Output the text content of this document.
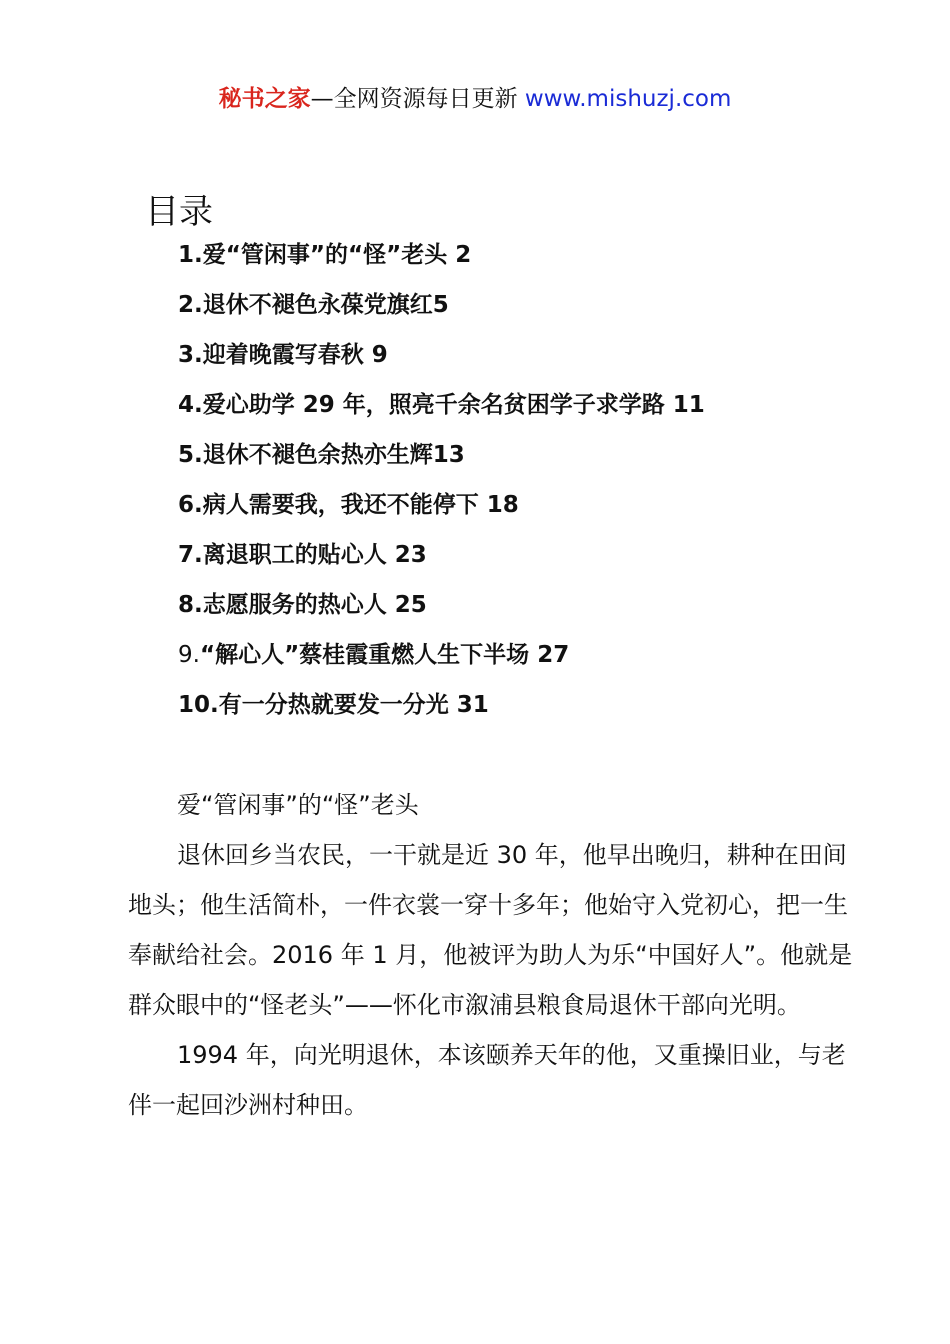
秘书之家—全网资源每日更新 www.mishuzj.com
目录
1.爱“管闲事”的“怪”老头 2
2.退休不褪色永葆党旗红5
3.迎着晚霞写春秋 9
4.爱心助学 29 年，照亮千余名贫困学子求学路 11
5.退休不褪色余热亦生辉13
6.病人需要我，我还不能停下 18
7.离退职工的贴心人 23
8.志愿服务的热心人 25
9.“解心人”蔡桂霞重燃人生下半场 27
10.有一分热就要发一分光 31
爱“管闲事”的“怪”老头

退休回乡当农民，一干就是近 30 年，他早出晚归，耕种在田间地头；他生活简朴，一件衣裳一穿十多年；他始守入党初心，把一生奉献给社会。2016 年 1 月，他被评为助人为乐“中国好人”。他就是群众眼中的“怪老头”——怀化市溆浦县粮食局退休干部向光明。

1994 年，向光明退休，本该颐养天年的他，又重操旧业，与老伴一起回沙洲村种田。
